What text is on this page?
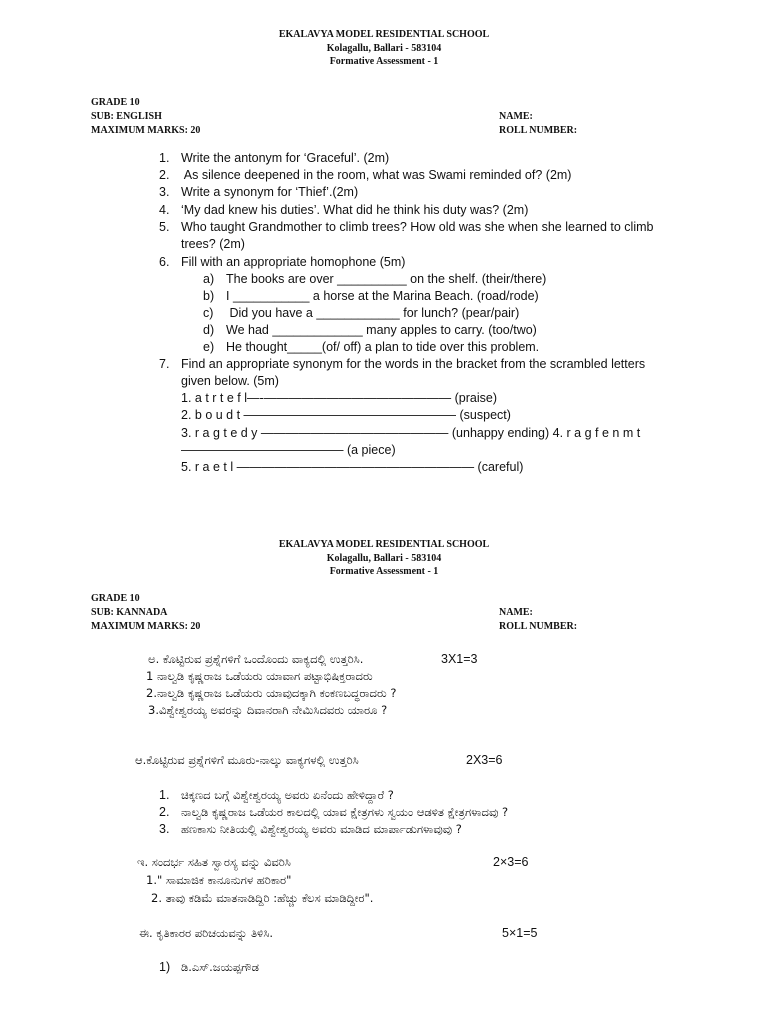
EKALAVYA MODEL RESIDENTIAL SCHOOL
Kolagallu, Ballari - 583104
Formative Assessment - 1
GRADE 10
SUB: ENGLISH
MAXIMUM MARKS: 20
NAME:
ROLL NUMBER:
1. Write the antonym for ‘Graceful’. (2m)
2. As silence deepened in the room, what was Swami reminded of? (2m)
3. Write a synonym for ‘Thief’.(2m)
4. ‘My dad knew his duties’. What did he think his duty was? (2m)
5. Who taught Grandmother to climb trees? How old was she when she learned to climb
trees? (2m)
6. Fill with an appropriate homophone (5m)
a) The books are over __________ on the shelf. (their/there)
b) I ___________ a horse at the Marina Beach. (road/rode)
c) Did you have a ____________ for lunch? (pear/pair)
d) We had _____________ many apples to carry. (too/two)
e) He thought_____(of/ off) a plan to tide over this problem.
7. Find an appropriate synonym for the words in the bracket from the scrambled letters
given below. (5m)
1. a t r t e f l—-——————————————— (praise)
2. b o u d t ————————————————— (suspect)
3. r a g t e d y ——————————————— (unhappy ending) 4. r a g f e n m t
————————————— (a piece)
5. r a e t l ——————————————————— (careful)
EKALAVYA MODEL RESIDENTIAL SCHOOL
Kolagallu, Ballari - 583104
Formative Assessment - 1
GRADE 10
SUB: KANNADA
MAXIMUM MARKS: 20
NAME:
ROLL NUMBER:
ಅ. ಕೊಟ್ಟಿರುವ ಪ್ರಶ್ನೆಗಳಿಗೆ ಒಂದೊಂದು ವಾಕ್ಯದಲ್ಲಿ ಉತ್ತರಿಸಿ.	3X1=3
1 ನಾಲ್ವಡಿ ಕೃಷ್ಣರಾಜ ಒಡೆಯರು ಯಾವಾಗ ಪಟ್ಟಾಭಿಷಿಕ್ತರಾದರು
2.ನಾಲ್ವಡಿ ಕೃಷ್ಣರಾಜ ಒಡೆಯರು ಯಾವುದಕ್ಕಾಗಿ ಕಂಕಣಬದ್ಧರಾದರು ?
3.ವಿಶ್ವೇಶ್ವರಯ್ಯ ಅವರನ್ನು ದಿವಾನರಾಗಿ ನೇಮಿಸಿದವರು ಯಾರೂ ?
ಆ.ಕೊಟ್ಟಿರುವ ಪ್ರಶ್ನೆಗಳಿಗೆ ಮೂರು-ನಾಲ್ಕು ವಾಕ್ಯಗಳಲ್ಲಿ ಉತ್ತರಿಸಿ	2X3=6
1. ಚಿಕ್ಕಣದ ಬಗ್ಗೆ ವಿಶ್ವೇಶ್ವರಯ್ಯ ಅವರು ಏನೆಂದು ಹೇಳಿದ್ದಾರೆ ?
2. ನಾಲ್ವಡಿ ಕೃಷ್ಣರಾಜ ಒಡೆಯರ ಕಾಲದಲ್ಲಿ ಯಾವ ಕ್ಷೇತ್ರಗಳು ಸ್ವಯಂ ಆಡಳಿತ ಕ್ಷೇತ್ರಗಳಾದವು ?
3. ಹಣಕಾಸು ನೀತಿಯಲ್ಲಿ ವಿಶ್ವೇಶ್ವರಯ್ಯ ಅವರು ಮಾಡಿದ ಮಾರ್ಪಾಡುಗಳಾವುವು ?
ಇ. ಸಂದರ್ಭ ಸಹಿತ ಸ್ವಾರಸ್ಯ ವನ್ನು ವಿವರಿಸಿ	2×3=6
1." ಸಾಮಾಜಿಕ ಕಾನೂನುಗಳ ಹರಿಕಾರ"
2. ತಾವು ಕಡಿಮೆ ಮಾತನಾಡಿದ್ದಿರಿ :ಹೆಚ್ಚು ಕೆಲಸ ಮಾಡಿದ್ದೀರ".
ಈ. ಕೃತಿಕಾರರ ಪರಿಚಯವನ್ನು ತಿಳಿಸಿ.	5×1=5
1) ಡಿ.ಎಸ್.ಜಯಪ್ಪಗೌಡ
